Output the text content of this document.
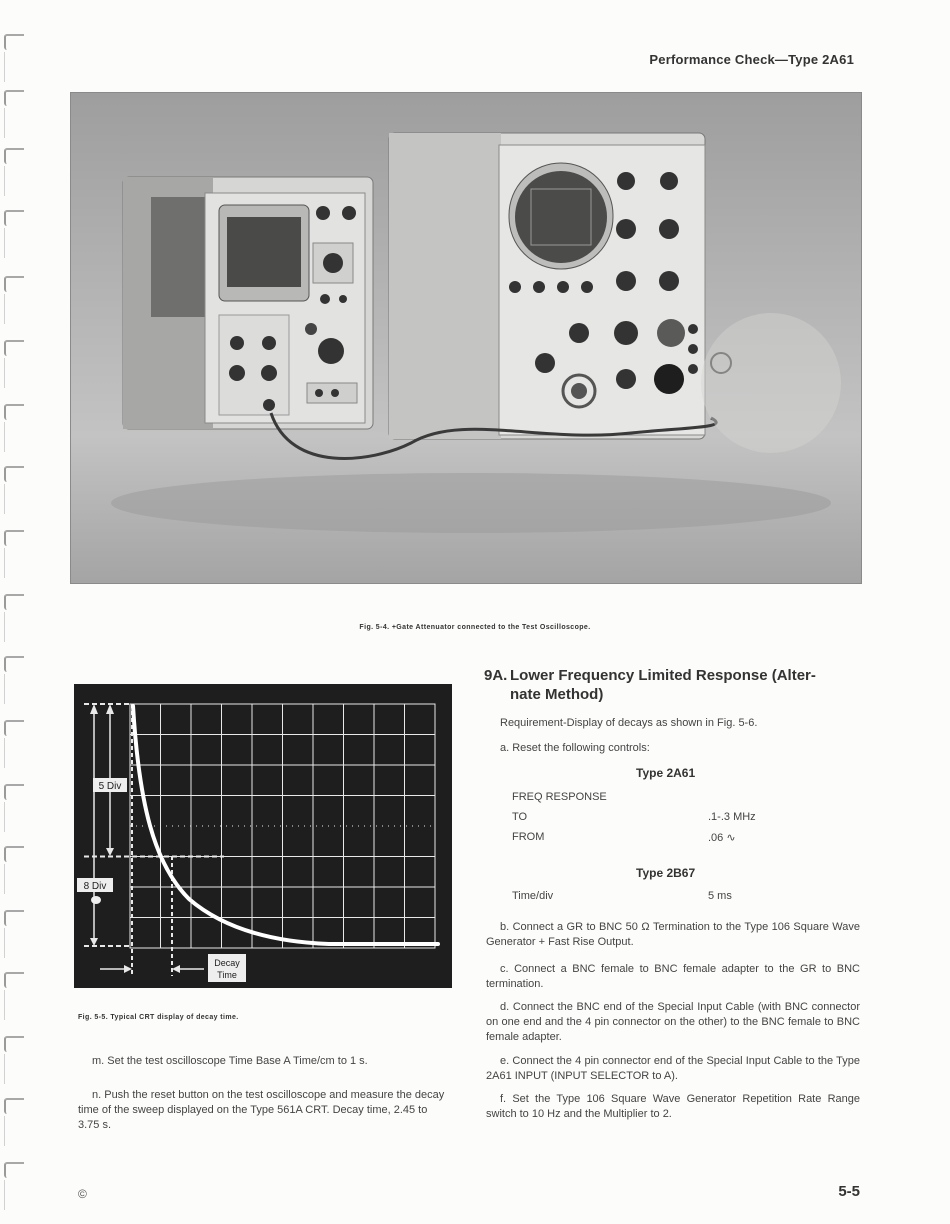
Performance Check—Type 2A61
Fig. 5-4. +Gate Attenuator connected to the Test Oscilloscope.
5 Div
8 Div
Decay
Time
Fig. 5-5. Typical CRT display of decay time.

m. Set the test oscilloscope Time Base A Time/cm to 1 s.

n. Push the reset button on the test oscilloscope and measure the decay time of the sweep displayed on the Type 561A CRT. Decay time, 2.45 to 3.75 s.

9A. Lower Frequency Limited Response (Alter-
nate Method)

Requirement-Display of decays as shown in Fig. 5-6.

a. Reset the following controls:

Type 2A61
FREQ RESPONSE
TO	.1-.3 MHz
FROM	.06 ∿
Type 2B67
Time/div	5 ms

b. Connect a GR to BNC 50 Ω Termination to the Type 106 Square Wave Generator + Fast Rise Output.

c. Connect a BNC female to BNC female adapter to the GR to BNC termination.

d. Connect the BNC end of the Special Input Cable (with BNC connector on one end and the 4 pin connector on the other) to the BNC female to BNC female adapter.

e. Connect the 4 pin connector end of the Special Input Cable to the Type 2A61 INPUT (INPUT SELECTOR to A).

f. Set the Type 106 Square Wave Generator Repetition Rate Range switch to 10 Hz and the Multiplier to 2.

©	5-5
